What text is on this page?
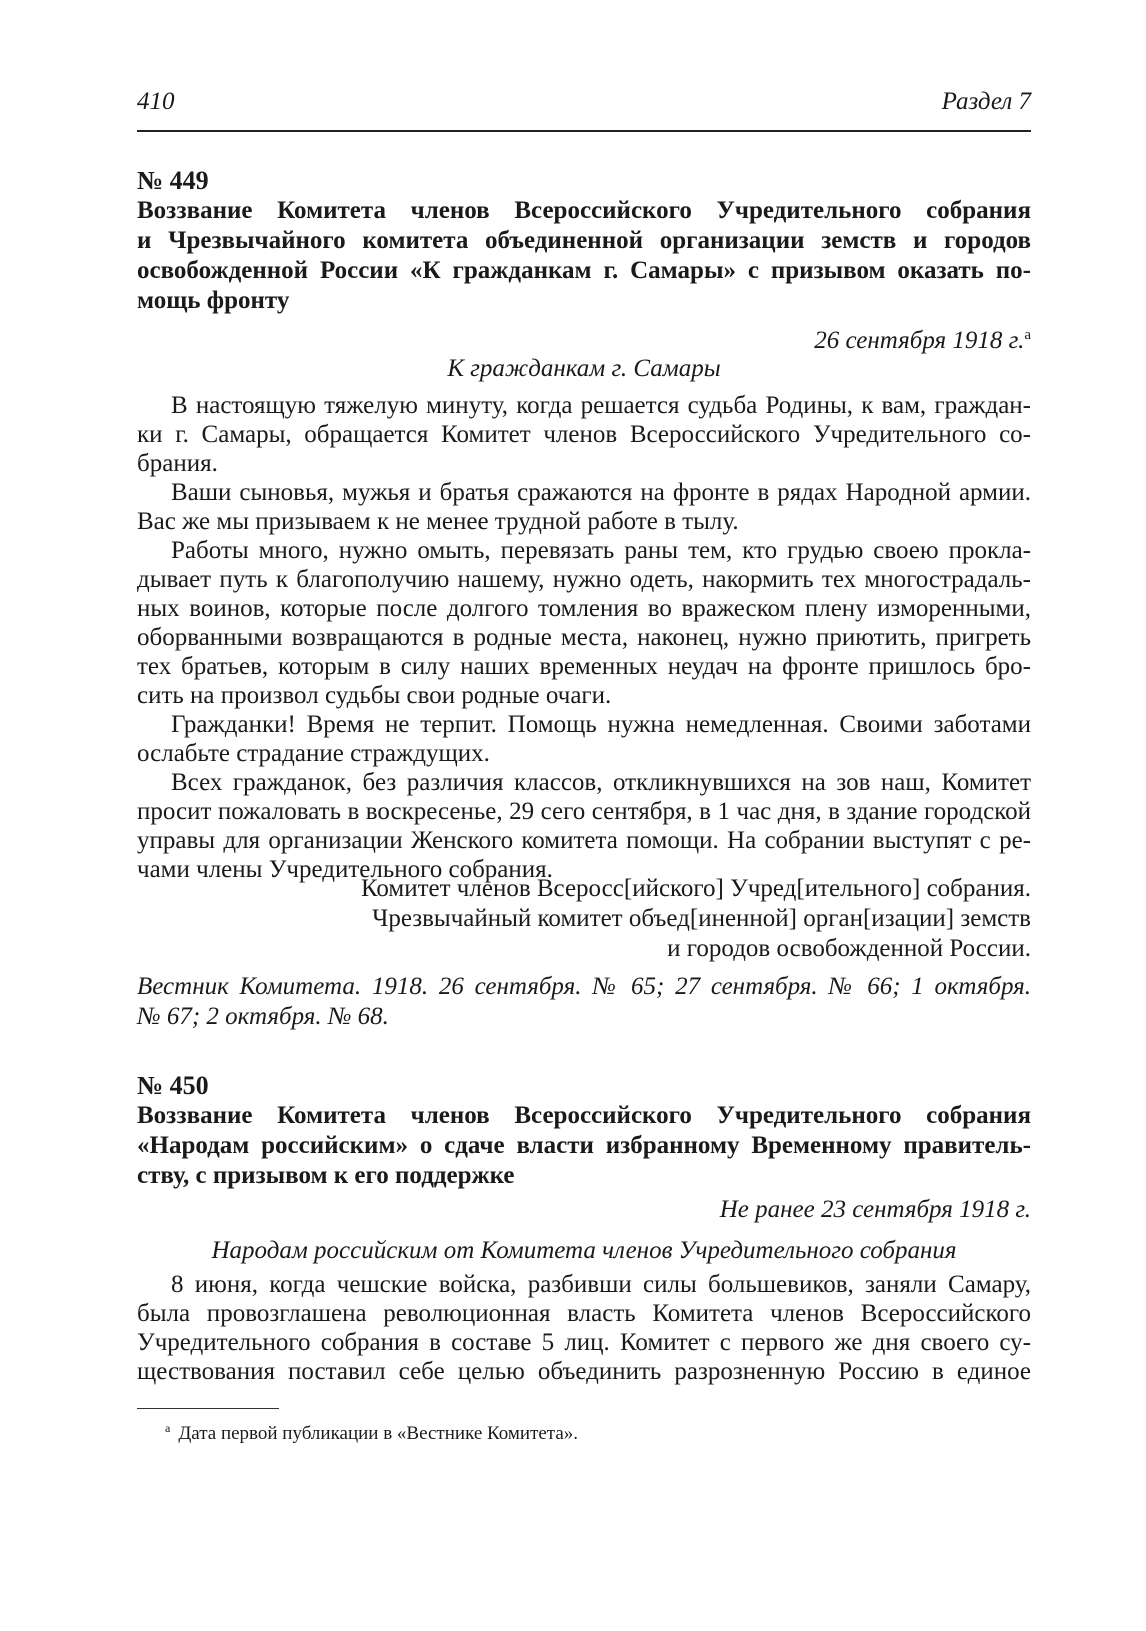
410	Раздел 7
№ 449
Воззвание Комитета членов Всероссийского Учредительного собрания
и Чрезвычайного комитета объединенной организации земств и городов
освобожденной России «К гражданкам г. Самары» с призывом оказать по-
мощь фронту
26 сентября 1918 г.$^а$
К гражданкам г. Самары

В настоящую тяжелую минуту, когда решается судьба Родины, к вам, граждан-
ки г. Самары, обращается Комитет членов Всероссийского Учредительного со-
брания.

Ваши сыновья, мужья и братья сражаются на фронте в рядах Народной армии.
Вас же мы призываем к не менее трудной работе в тылу.

Работы много, нужно омыть, перевязать раны тем, кто грудью своею прокла-
дывает путь к благополучию нашему, нужно одеть, накормить тех многострадаль-
ных воинов, которые после долгого томления во вражеском плену изморенными,
оборванными возвращаются в родные места, наконец, нужно приютить, пригреть
тех братьев, которым в силу наших временных неудач на фронте пришлось бро-
сить на произвол судьбы свои родные очаги.

Гражданки! Время не терпит. Помощь нужна немедленная. Своими заботами
ослабьте страдание страждущих.

Всех гражданок, без различия классов, откликнувшихся на зов наш, Комитет
просит пожаловать в воскресенье, 29 сего сентября, в 1 час дня, в здание городской
управы для организации Женского комитета помощи. На собрании выступят с ре-
чами члены Учредительного собрания.

Комитет членов Всеросс[ийского] Учред[ительного] собрания.
Чрезвычайный комитет объед[иненной] орган[изации] земств
и городов освобожденной России.
Вестник Комитета. 1918. 26 сентября. № 65; 27 сентября. № 66; 1 октября.
№ 67; 2 октября. № 68.
№ 450
Воззвание Комитета членов Всероссийского Учредительного собрания
«Народам российским» о сдаче власти избранному Временному правитель-
ству, с призывом к его поддержке
Не ранее 23 сентября 1918 г.
Народам российским от Комитета членов Учредительного собрания

8 июня, когда чешские войска, разбивши силы большевиков, заняли Самару,
была провозглашена революционная власть Комитета членов Всероссийского
Учредительного собрания в составе 5 лиц. Комитет с первого же дня своего су-
ществования поставил себе целью объединить разрозненную Россию в единое

$^а$ Дата первой публикации в «Вестнике Комитета».
